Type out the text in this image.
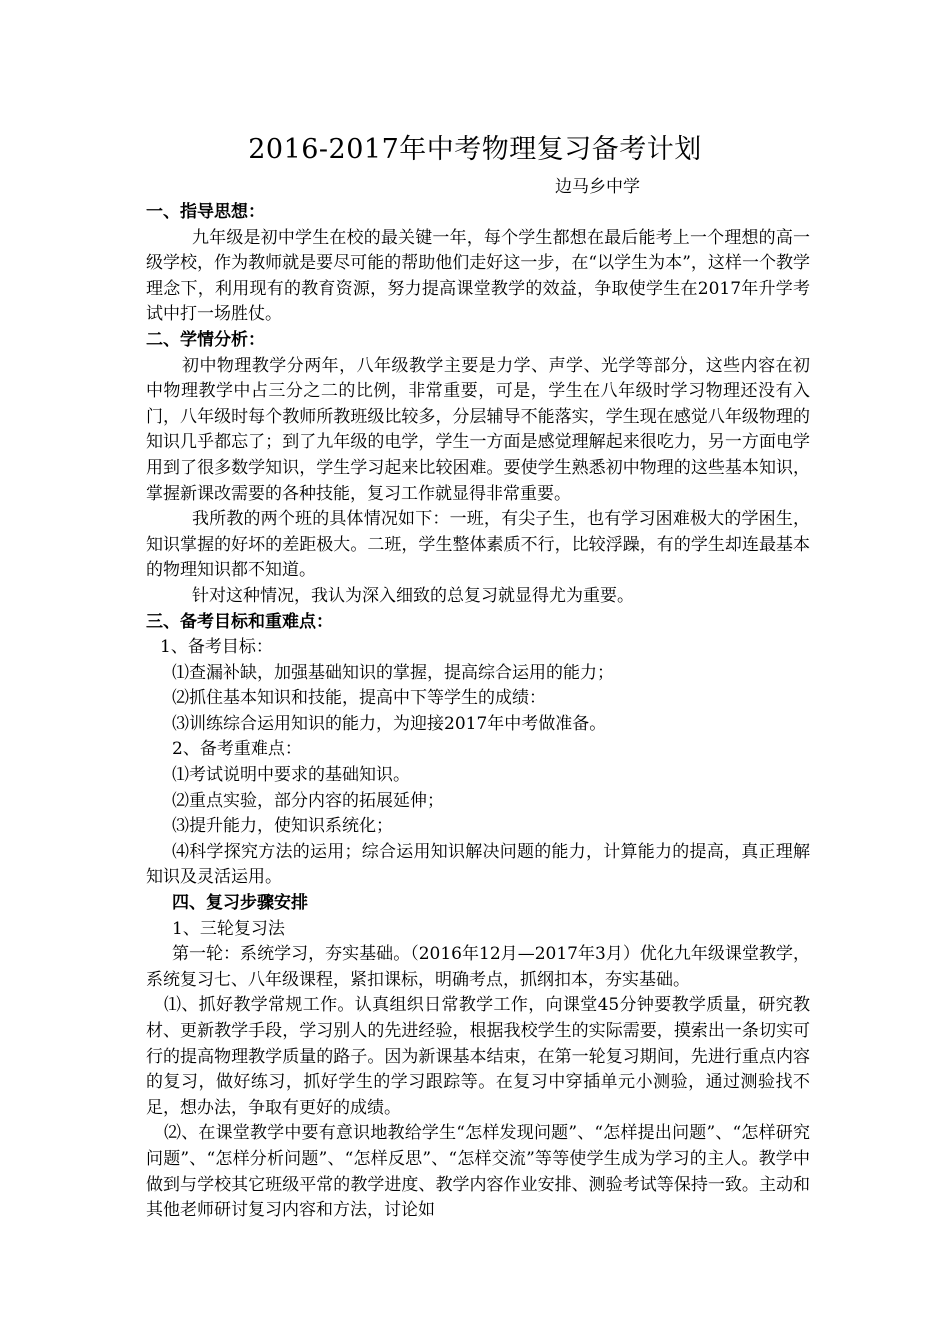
2016-2017年中考物理复习备考计划
边马乡中学

一、指导思想：

九年级是初中学生在校的最关键一年，每个学生都想在最后能考上一个理想的高一级学校，作为教师就是要尽可能的帮助他们走好这一步，在“以学生为本”，这样一个教学理念下，利用现有的教育资源，努力提高课堂教学的效益，争取使学生在2017年升学考试中打一场胜仗。

二、学情分析：

初中物理教学分两年，八年级教学主要是力学、声学、光学等部分，这些内容在初中物理教学中占三分之二的比例，非常重要，可是，学生在八年级时学习物理还没有入门，八年级时每个教师所教班级比较多，分层辅导不能落实，学生现在感觉八年级物理的知识几乎都忘了；到了九年级的电学，学生一方面是感觉理解起来很吃力，另一方面电学用到了很多数学知识，学生学习起来比较困难。要使学生熟悉初中物理的这些基本知识，掌握新课改需要的各种技能，复习工作就显得非常重要。

我所教的两个班的具体情况如下：一班，有尖子生，也有学习困难极大的学困生，知识掌握的好坏的差距极大。二班，学生整体素质不行，比较浮躁，有的学生却连最基本的物理知识都不知道。

针对这种情况，我认为深入细致的总复习就显得尤为重要。

三、备考目标和重难点：

1、备考目标：

⑴查漏补缺，加强基础知识的掌握，提高综合运用的能力；

⑵抓住基本知识和技能，提高中下等学生的成绩：

⑶训练综合运用知识的能力，为迎接2017年中考做准备。

2、备考重难点：

⑴考试说明中要求的基础知识。

⑵重点实验，部分内容的拓展延伸；

⑶提升能力，使知识系统化；

⑷科学探究方法的运用；综合运用知识解决问题的能力，计算能力的提高，真正理解知识及灵活运用。

四、复习步骤安排

1、三轮复习法

第一轮：系统学习，夯实基础。（2016年12月—2017年3月）优化九年级课堂教学，系统复习七、八年级课程，紧扣课标，明确考点，抓纲扣本，夯实基础。

⑴、抓好教学常规工作。认真组织日常教学工作，向课堂45分钟要教学质量，研究教材、更新教学手段，学习别人的先进经验，根据我校学生的实际需要，摸索出一条切实可行的提高物理教学质量的路子。因为新课基本结束，在第一轮复习期间，先进行重点内容的复习，做好练习，抓好学生的学习跟踪等。在复习中穿插单元小测验，通过测验找不足，想办法，争取有更好的成绩。

⑵、在课堂教学中要有意识地教给学生“怎样发现问题”、“怎样提出问题”、“怎样研究问题”、“怎样分析问题”、“怎样反思”、“怎样交流”等等使学生成为学习的主人。教学中做到与学校其它班级平常的教学进度、教学内容作业安排、测验考试等保持一致。主动和其他老师研讨复习内容和方法，讨论如
